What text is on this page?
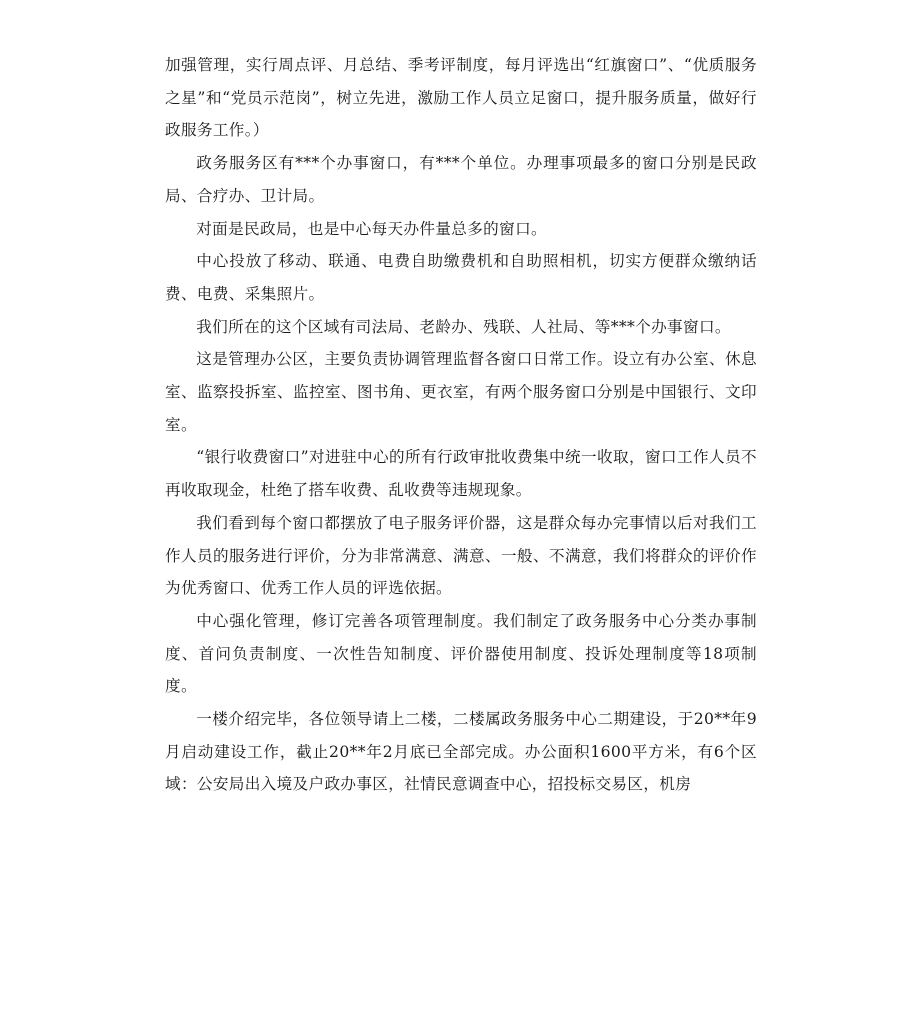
加强管理，实行周点评、月总结、季考评制度，每月评选出“红旗窗口”、“优质服务之星”和“党员示范岗”，树立先进，激励工作人员立足窗口，提升服务质量，做好行政服务工作。）

政务服务区有***个办事窗口，有***个单位。办理事项最多的窗口分别是民政局、合疗办、卫计局。

对面是民政局，也是中心每天办件量总多的窗口。

中心投放了移动、联通、电费自助缴费机和自助照相机，切实方便群众缴纳话费、电费、采集照片。

我们所在的这个区域有司法局、老龄办、残联、人社局、等***个办事窗口。

这是管理办公区，主要负责协调管理监督各窗口日常工作。设立有办公室、休息室、监察投拆室、监控室、图书角、更衣室，有两个服务窗口分别是中国银行、文印室。

“银行收费窗口”对进驻中心的所有行政审批收费集中统一收取，窗口工作人员不再收取现金，杜绝了搭车收费、乱收费等违规现象。

我们看到每个窗口都摆放了电子服务评价器，这是群众每办完事情以后对我们工作人员的服务进行评价，分为非常满意、满意、一般、不满意，我们将群众的评价作为优秀窗口、优秀工作人员的评选依据。

中心强化管理，修订完善各项管理制度。我们制定了政务服务中心分类办事制度、首问负责制度、一次性告知制度、评价器使用制度、投诉处理制度等18项制度。

一楼介绍完毕，各位领导请上二楼，二楼属政务服务中心二期建设，于20**年9月启动建设工作，截止20**年2月底已全部完成。办公面积1600平方米，有6个区域：公安局出入境及户政办事区，社情民意调查中心，招投标交易区，机房
